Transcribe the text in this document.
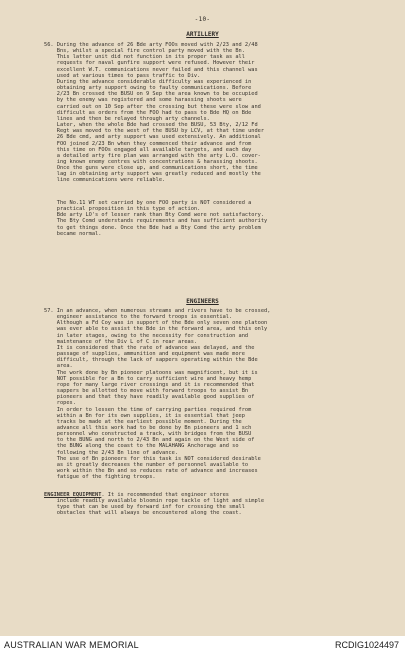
-10-
ARTILLERY
56. During the advance of 26 Bde arty FOOs moved with 2/23 and 2/48
Bns, whilst a special fire control party moved with the Bn.
This latter unit did not function in its proper task as all
requests for naval gunfire support were refused. However their
excellent W.T. communications never failed and this channel was
used at various times to pass traffic to Div.
During the advance considerable difficulty was experienced in
obtaining arty support owing to faulty communications. Before
2/23 Bn crossed the BUSU on 9 Sep the area known to be occupied
by the enemy was registered and some harassing shoots were
carried out on 10 Sep after the crossing but these were slow and
difficult as orders from the FOO had to pass to Bde HQ on Bde
lines and then be relayed through arty channels.
Later, when the whole Bde had crossed the BUSU, 53 Bty, 2/12 Fd
Regt was moved to the west of the BUSU by LCV, at that time under
26 Bde cmd, and arty support was used extensively. An additional
FOO joined 2/23 Bn when they commenced their advance and from
this time on FOOs engaged all available targets, and each day
a detailed arty fire plan was arranged with the arty L.O. cover-
ing known enemy centres with concentrations & harassing shoots.
Once the guns were close up, and communications short, the time
lag in obtaining arty support was greatly reduced and mostly the
line communications were reliable.
The No.11 WT set carried by one FOO party is NOT considered a
practical proposition in this type of action.
Bde arty LO's of lesser rank than Bty Comd were not satisfactory.
The Bty Comd understands requirements and has sufficient authority
to get things done. Once the Bde had a Bty Comd the arty problem
became normal.
ENGINEERS
57. In an advance, when numerous streams and rivers have to be crossed,
engineer assistance to the forward troops is essential.
Although a Fd Coy was in support of the Bde only seven one platoon
was ever able to assist the Bde in the forward area, and this only
in later stages, owing to the necessity for construction and
maintenance of the Div L of C in rear areas.
It is considered that the rate of advance was delayed, and the
passage of supplies, ammunition and equipment was made more
difficult, through the lack of sappers operating within the Bde
area.
The work done by Bn pioneer platoons was magnificent, but it is
NOT possible for a Bn to carry sufficient wire and heavy hemp
rope for many large river crossings and it is recommended that
sappers be allotted to move with forward troops to assist Bn
pioneers and that they have readily available good supplies of
ropes.
In order to lessen the time of carrying parties required from
within a Bn for its own supplies, it is essential that jeep
tracks be made at the earliest possible moment. During the
advance all this work had to be done by Bn pioneers and 1 sch
personnel who constructed a track, with bridges from the BUSU
to the BUNG and north to 2/43 Bn and again on the West side of
the BUNG along the coast to the MALAHANG Anchorage and so
following the 2/43 Bn line of advance.
The use of Bn pioneers for this task is NOT considered desirable
as it greatly decreases the number of personnel available to
work within the Bn and so reduces rate of advance and increases
fatigue of the fighting troops.
ENGINEER EQUIPMENT. It is recommended that engineer stores
include readily available bloomin rope tackle of light and simple
type that can be used by forward inf for crossing the small
obstacles that will always be encountered along the coast.
AUSTRALIAN WAR MEMORIAL	RCDIG1024497
